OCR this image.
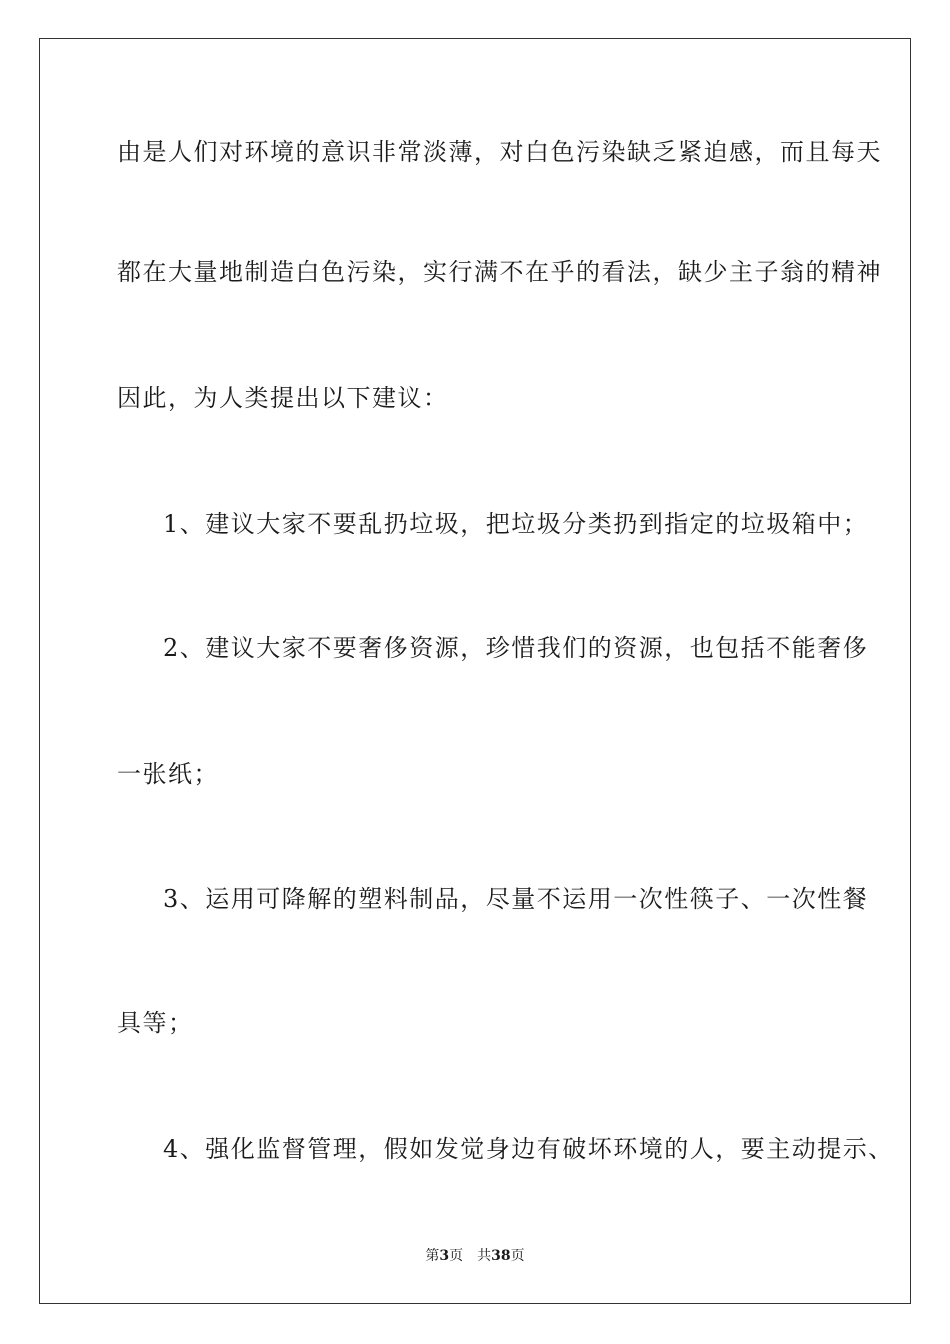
由是人们对环境的意识非常淡薄，对白色污染缺乏紧迫感，而且每天
都在大量地制造白色污染，实行满不在乎的看法，缺少主子翁的精神
因此，为人类提出以下建议：
1、建议大家不要乱扔垃圾，把垃圾分类扔到指定的垃圾箱中；
2、建议大家不要奢侈资源，珍惜我们的资源，也包括不能奢侈
一张纸；
3、运用可降解的塑料制品，尽量不运用一次性筷子、一次性餐
具等；
4、强化监督管理，假如发觉身边有破坏环境的人，要主动提示、
第3页 共38页
